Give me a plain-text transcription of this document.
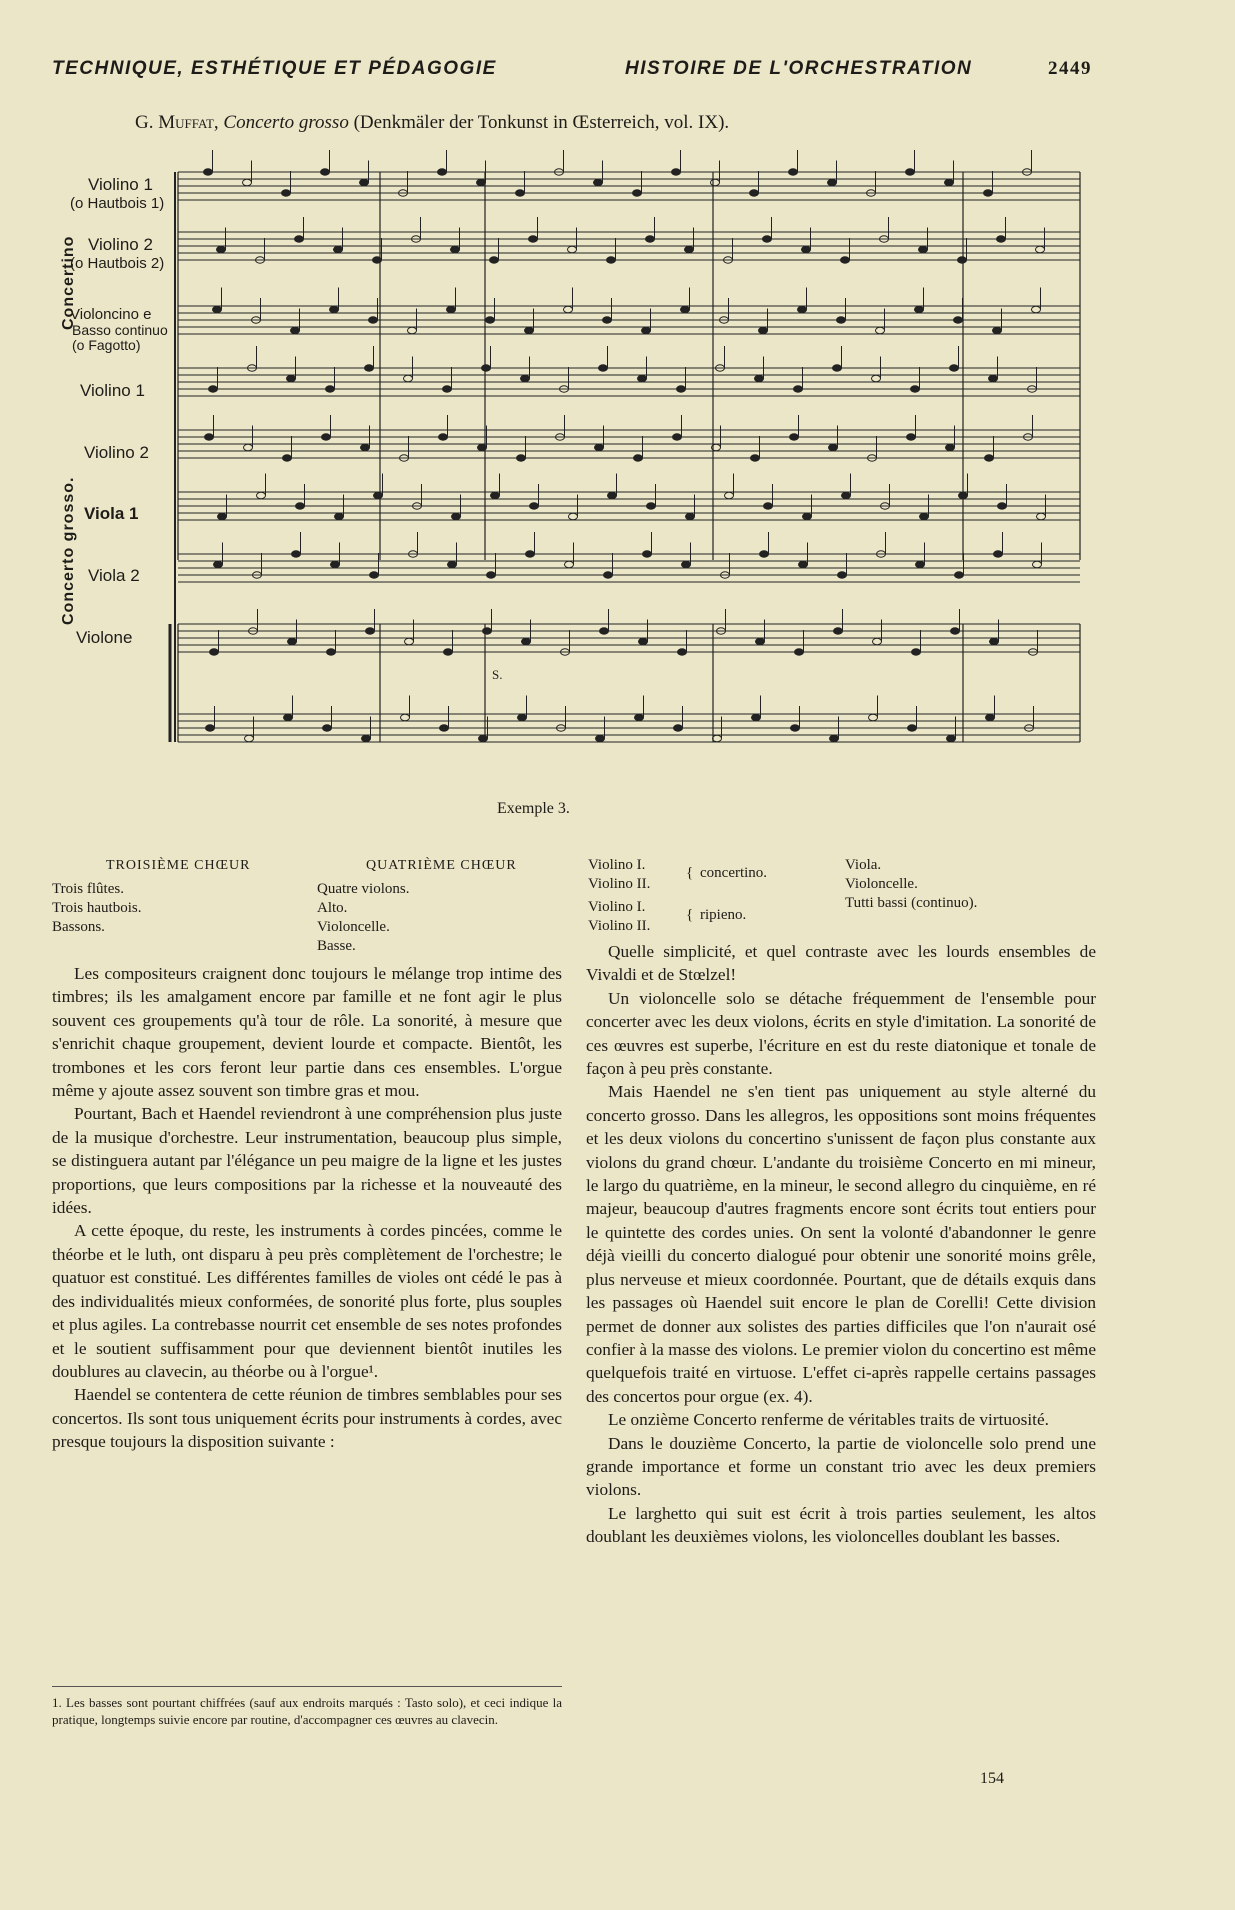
TECHNIQUE, ESTHÉTIQUE ET PÉDAGOGIE	HISTOIRE DE L'ORCHESTRATION	2449
G. Muffat, Concerto grosso (Denkmäler der Tonkunst in Œsterreich, vol. IX).
S.
Concertino
Concerto grosso.
Violino 1
(o Hautbois 1)
Violino 2
(o Hautbois 2)
Violoncino e
Basso continuo
(o Fagotto)
Violino 1
Violino 2
Viola 1
Viola 2
Violone
Exemple 3.
TROISIÈME CHŒUR
Trois flûtes.
Trois hautbois.
Bassons.
QUATRIÈME CHŒUR
Quatre violons.
Alto.
Violoncelle.
Basse.
Violino I.
Violino II.
{ concertino.
Violino I.
Violino II.
{ ripieno.
Viola.
Violoncelle.
Tutti bassi (continuo).

Les compositeurs craignent donc toujours le mélange trop intime des timbres; ils les amalgament encore par famille et ne font agir le plus souvent ces groupements qu'à tour de rôle. La sonorité, à mesure que s'enrichit chaque groupement, devient lourde et compacte. Bientôt, les trombones et les cors feront leur partie dans ces ensembles. L'orgue même y ajoute assez souvent son timbre gras et mou.

Pourtant, Bach et Haendel reviendront à une compréhension plus juste de la musique d'orchestre. Leur instrumentation, beaucoup plus simple, se distinguera autant par l'élégance un peu maigre de la ligne et les justes proportions, que leurs compositions par la richesse et la nouveauté des idées.

A cette époque, du reste, les instruments à cordes pincées, comme le théorbe et le luth, ont disparu à peu près complètement de l'orchestre; le quatuor est constitué. Les différentes familles de violes ont cédé le pas à des individualités mieux conformées, de sonorité plus forte, plus souples et plus agiles. La contrebasse nourrit cet ensemble de ses notes profondes et le soutient suffisamment pour que deviennent bientôt inutiles les doublures au clavecin, au théorbe ou à l'orgue¹.

Haendel se contentera de cette réunion de timbres semblables pour ses concertos. Ils sont tous uniquement écrits pour instruments à cordes, avec presque toujours la disposition suivante :

1. Les basses sont pourtant chiffrées (sauf aux endroits marqués : Tasto solo), et ceci indique la pratique, longtemps suivie encore par routine, d'accompagner ces œuvres au clavecin.

Quelle simplicité, et quel contraste avec les lourds ensembles de Vivaldi et de Stœlzel!

Un violoncelle solo se détache fréquemment de l'ensemble pour concerter avec les deux violons, écrits en style d'imitation. La sonorité de ces œuvres est superbe, l'écriture en est du reste diatonique et tonale de façon à peu près constante.

Mais Haendel ne s'en tient pas uniquement au style alterné du concerto grosso. Dans les allegros, les oppositions sont moins fréquentes et les deux violons du concertino s'unissent de façon plus constante aux violons du grand chœur. L'andante du troisième Concerto en mi mineur, le largo du quatrième, en la mineur, le second allegro du cinquième, en ré majeur, beaucoup d'autres fragments encore sont écrits tout entiers pour le quintette des cordes unies. On sent la volonté d'abandonner le genre déjà vieilli du concerto dialogué pour obtenir une sonorité moins grêle, plus nerveuse et mieux coordonnée. Pourtant, que de détails exquis dans les passages où Haendel suit encore le plan de Corelli! Cette division permet de donner aux solistes des parties difficiles que l'on n'aurait osé confier à la masse des violons. Le premier violon du concertino est même quelquefois traité en virtuose. L'effet ci-après rappelle certains passages des concertos pour orgue (ex. 4).

Le onzième Concerto renferme de véritables traits de virtuosité.

Dans le douzième Concerto, la partie de violoncelle solo prend une grande importance et forme un constant trio avec les deux premiers violons.

Le larghetto qui suit est écrit à trois parties seulement, les altos doublant les deuxièmes violons, les violoncelles doublant les basses.

154
